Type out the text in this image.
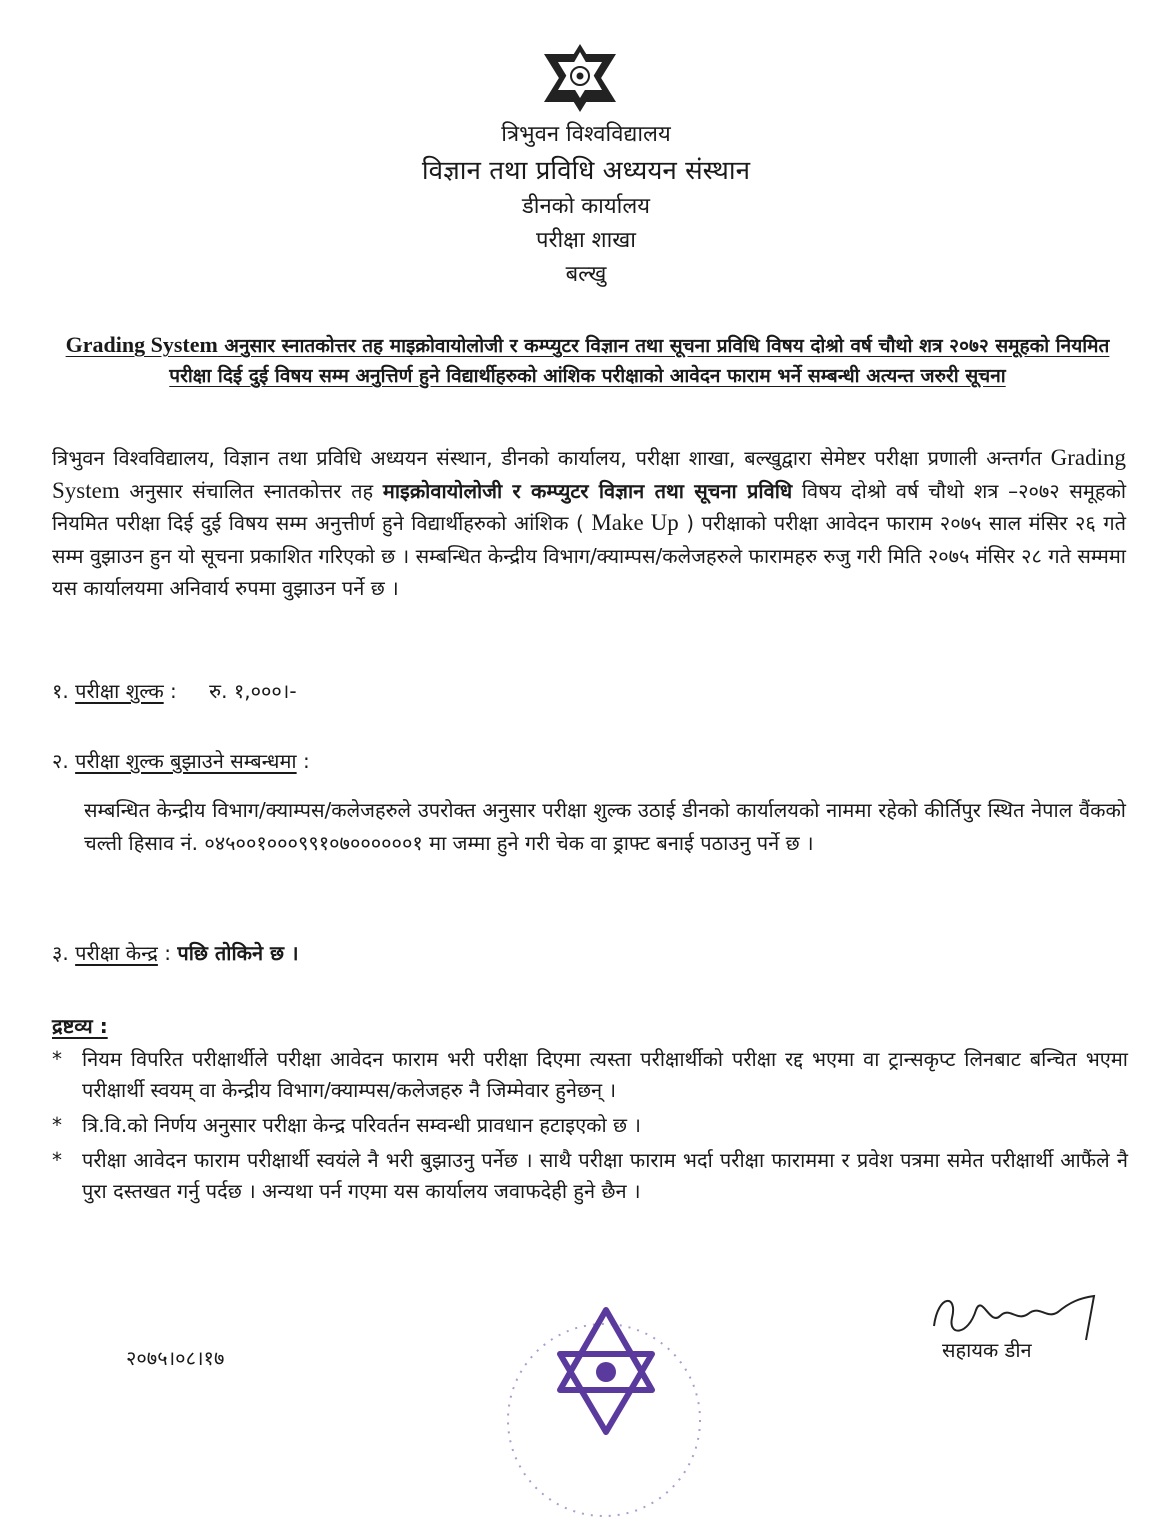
त्रिभुवन विश्वविद्यालय
विज्ञान तथा प्रविधि अध्ययन संस्थान
डीनको कार्यालय
परीक्षा शाखा
बल्खु
Grading System अनुसार स्नातकोत्तर तह माइक्रोवायोलोजी र कम्प्युटर विज्ञान तथा सूचना प्रविधि विषय दोश्रो वर्ष चौथो शत्र २०७२ समूहको नियमित परीक्षा दिई दुई विषय सम्म अनुत्तिर्ण हुने विद्यार्थीहरुको आंशिक परीक्षाको आवेदन फाराम भर्ने सम्बन्धी अत्यन्त जरुरी सूचना
त्रिभुवन विश्वविद्यालय, विज्ञान तथा प्रविधि अध्ययन संस्थान, डीनको कार्यालय, परीक्षा शाखा, बल्खुद्वारा सेमेष्टर परीक्षा प्रणाली अन्तर्गत Grading System अनुसार संचालित स्नातकोत्तर तह माइक्रोवायोलोजी र कम्प्युटर विज्ञान तथा सूचना प्रविधि विषय दोश्रो वर्ष चौथो शत्र –२०७२ समूहको नियमित परीक्षा दिई दुई विषय सम्म अनुत्तीर्ण हुने विद्यार्थीहरुको आंशिक ( Make Up ) परीक्षाको परीक्षा आवेदन फाराम २०७५ साल मंसिर २६ गते सम्म वुझाउन हुन यो सूचना प्रकाशित गरिएको छ । सम्बन्धित केन्द्रीय विभाग/क्याम्पस/कलेजहरुले फारामहरु रुजु गरी मिति २०७५ मंसिर २८ गते सम्ममा यस कार्यालयमा अनिवार्य रुपमा वुझाउन पर्ने छ ।
१. परीक्षा शुल्क : रु. १,०००।-
२. परीक्षा शुल्क बुझाउने सम्बन्धमा :
सम्बन्धित केन्द्रीय विभाग/क्याम्पस/कलेजहरुले उपरोक्त अनुसार परीक्षा शुल्क उठाई डीनको कार्यालयको नाममा रहेको कीर्तिपुर स्थित नेपाल वैंकको चल्ती हिसाव नं. ०४५००१०००९९१०७००००००१ मा जम्मा हुने गरी चेक वा ड्राफ्ट बनाई पठाउनु पर्ने छ ।
३. परीक्षा केन्द्र : पछि तोकिने छ ।
द्रष्टव्य :
*	नियम विपरित परीक्षार्थीले परीक्षा आवेदन फाराम भरी परीक्षा दिएमा त्यस्ता परीक्षार्थीको परीक्षा रद्द भएमा वा ट्रान्सकृप्ट लिनबाट बन्चित भएमा परीक्षार्थी स्वयम् वा केन्द्रीय विभाग/क्याम्पस/कलेजहरु नै जिम्मेवार हुनेछन् ।
*	त्रि.वि.को निर्णय अनुसार परीक्षा केन्द्र परिवर्तन सम्वन्धी प्रावधान हटाइएको छ ।
*	परीक्षा आवेदन फाराम परीक्षार्थी स्वयंले नै भरी बुझाउनु पर्नेछ । साथै परीक्षा फाराम भर्दा परीक्षा फाराममा र प्रवेश पत्रमा समेत परीक्षार्थी आफैंले नै पुरा दस्तखत गर्नु पर्दछ । अन्यथा पर्न गएमा यस कार्यालय जवाफदेही हुने छैन ।
२०७५।०८।१७	सहायक डीन
